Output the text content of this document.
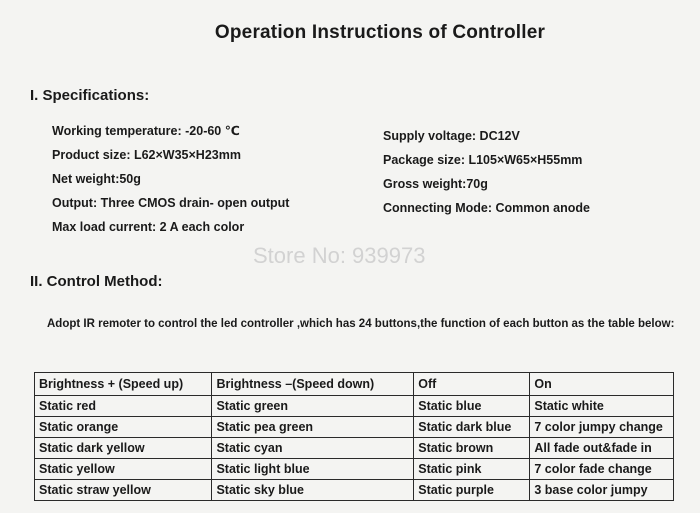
Operation Instructions of Controller
I. Specifications:
Working temperature: -20-60 ℃
Product size: L62×W35×H23mm
Net weight:50g
Output: Three CMOS drain- open output
Max load current: 2 A each color
Supply voltage: DC12V
Package size: L105×W65×H55mm
Gross weight:70g
Connecting Mode: Common anode
Store No: 939973
II. Control Method:
Adopt IR remoter to control the led controller ,which has 24 buttons,the function of each button as the table below:
Brightness + (Speed up)	Brightness –(Speed down)	Off	On
Static red	Static green	Static blue	Static white
Static orange	Static pea green	Static dark blue	7 color jumpy change
Static dark yellow	Static cyan	Static brown	All fade out&fade in
Static yellow	Static light blue	Static pink	7 color fade change
Static straw yellow	Static sky blue	Static purple	3 base color jumpy
